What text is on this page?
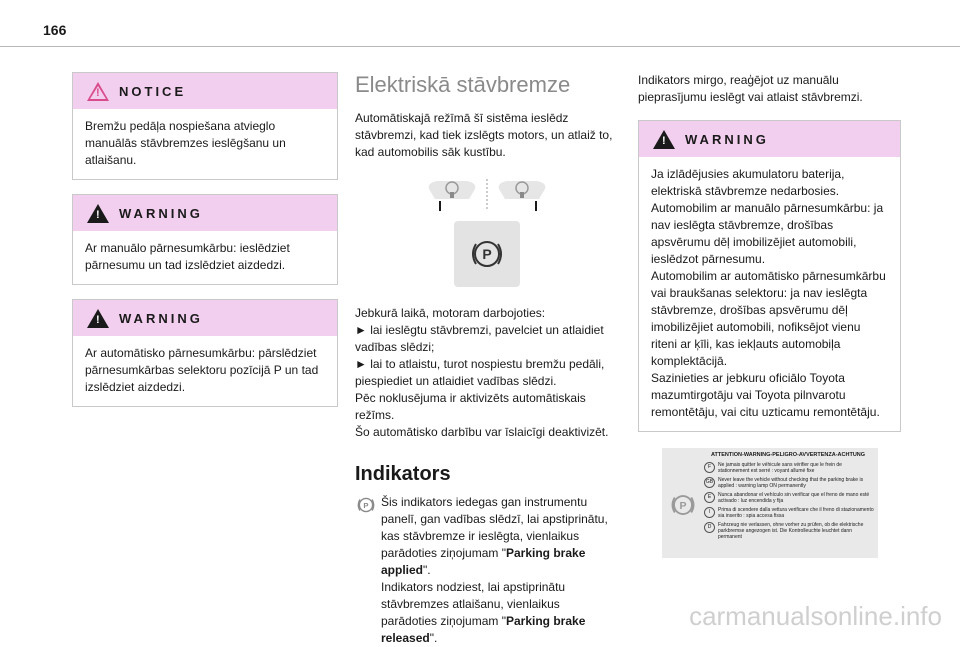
166
! NOTICE
Bremžu pedāļa nospiešana atvieglo manuālās stāvbremzes ieslēgšanu un atlaišanu.
! WARNING
Ar manuālo pārnesumkārbu: ieslēdziet pārnesumu un tad izslēdziet aizdedzi.
! WARNING
Ar automātisko pārnesumkārbu: pārslēdziet pārnesumkārbas selektoru pozīcijā P un tad izslēdziet aizdedzi.
Elektriskā stāvbremze

Automātiskajā režīmā šī sistēma ieslēdz stāvbremzi, kad tiek izslēgts motors, un atlaiž to, kad automobilis sāk kustību.

P

Jebkurā laikā, motoram darbojoties:

► lai ieslēgtu stāvbremzi, pavelciet un atlaidiet vadības slēdzi;

► lai to atlaistu, turot nospiestu bremžu pedāli, piespiediet un atlaidiet vadības slēdzi.

Pēc noklusējuma ir aktivizēts automātiskais režīms.

Šo automātisko darbību var īslaicīgi deaktivizēt.

Indikators
P Šis indikators iedegas gan instrumentu panelī, gan vadības slēdzī, lai apstiprinātu, kas stāvbremze ir ieslēgta, vienlaikus parādoties ziņojumam "Parking brake applied".
Indikators nodziest, lai apstiprinātu stāvbremzes atlaišanu, vienlaikus parādoties ziņojumam "Parking brake released".

Indikators mirgo, reaģējot uz manuālu pieprasījumu ieslēgt vai atlaist stāvbremzi.

! WARNING
Ja izlādējusies akumulatoru baterija, elektriskā stāvbremze nedarbosies.
Automobilim ar manuālo pārnesumkārbu: ja nav ieslēgta stāvbremze, drošības apsvērumu dēļ imobilizējiet automobili, ieslēdzot pārnesumu.
Automobilim ar automātisko pārnesumkārbu vai braukšanas selektoru: ja nav ieslēgta stāvbremze, drošības apsvērumu dēļ imobilizējiet automobili, nofiksējot vienu riteni ar ķīli, kas iekļauts automobiļa komplektācijā.
Sazinieties ar jebkuru oficiālo Toyota mazumtirgotāju vai Toyota pilnvarotu remontētāju, vai citu uzticamu remontētāju.
ATTENTION-WARNING-PELIGRO-AVVERTENZA-ACHTUNG
P
F	Ne jamais quitter le véhicule sans vérifier que le frein de stationnement est serré : voyant allumé fixe
GB Never leave the vehicle without checking that the parking brake is applied : warning lamp ON permanently
E	Nunca abandonar el vehículo sin verificar que el freno de mano esté activado : luz encendida y fija
I	Prima di scendere dalla vettura verificare che il freno di stazionamento sia inserito : spia accesa fissa
D	Fahrzeug nie verlassen, ohne vorher zu prüfen, ob die elektrische parkbremse angezogen ist. Die Kontrolleuchte leuchtet dann permanent
carmanualsonline.info
